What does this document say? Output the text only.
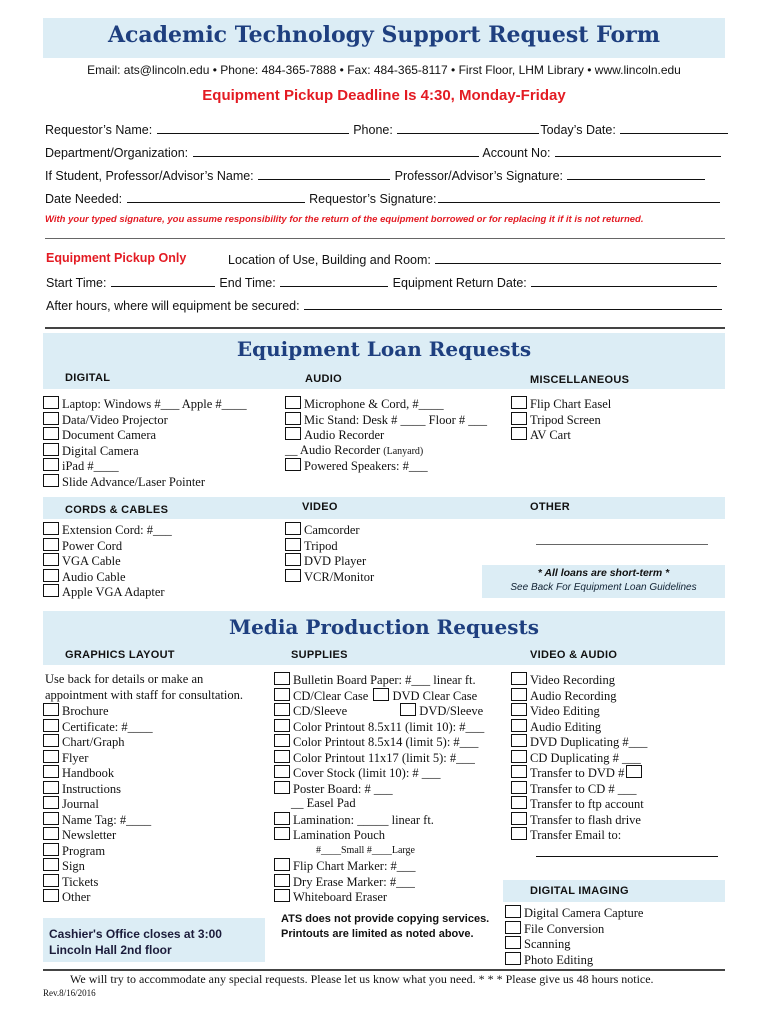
Academic Technology Support Request Form
Email: ats@lincoln.edu • Phone: 484-365-7888 • Fax: 484-365-8117 • First Floor, LHM Library • www.lincoln.edu
Equipment Pickup Deadline Is 4:30, Monday-Friday
Requestor’s Name:	Phone:	Today’s Date:
Department/Organization:	Account No:
If Student, Professor/Advisor’s Name:	Professor/Advisor’s Signature:
Date Needed:	Requestor’s Signature:
With your typed signature, you assume responsibility for the return of the equipment borrowed or for replacing it if it is not returned.
Equipment Pickup Only	Location of Use, Building and Room:
Start Time:	End Time:	Equipment Return Date:
After hours, where will equipment be secured:
Equipment Loan Requests
DIGITAL	AUDIO	MISCELLANEOUS
Laptop: Windows #___ Apple #____
Data/Video Projector
Document Camera
Digital Camera
iPad #____
Slide Advance/Laser Pointer
Microphone & Cord, #____
Mic Stand: Desk # ____ Floor # ___
Audio Recorder
__ Audio Recorder (Lanyard)
Powered Speakers: #___
Flip Chart Easel
Tripod Screen
AV Cart
CORDS & CABLES	VIDEO	OTHER
Extension Cord: #___
Power Cord
VGA Cable
Audio Cable
Apple VGA Adapter
Camcorder
Tripod
DVD Player
VCR/Monitor	* All loans are short-term *
See Back For Equipment Loan Guidelines
Media Production Requests
GRAPHICS LAYOUT	SUPPLIES	VIDEO & AUDIO
Use back for details or make an
appointment with staff for consultation.
Brochure
Certificate: #____
Chart/Graph
Flyer
Handbook
Instructions
Journal
Name Tag: #____
Newsletter
Program
Sign
Tickets
Other
Bulletin Board Paper: #___ linear ft.
CD/Clear Case DVD Clear Case
CD/Sleeve	DVD/Sleeve
Color Printout 8.5x11 (limit 10): #___
Color Printout 8.5x14 (limit 5): #___
Color Printout 11x17 (limit 5): #___
Cover Stock (limit 10): # ___
Poster Board: # ___
__ Easel Pad
Lamination: _____ linear ft.
Lamination Pouch
#____Small #____Large
Flip Chart Marker: #___
Dry Erase Marker: #___
Whiteboard Eraser
Video Recording
Audio Recording
Video Editing
Audio Editing
DVD Duplicating #___
CD Duplicating # ___
Transfer to DVD #
Transfer to CD # ___
Transfer to ftp account
Transfer to flash drive
Transfer Email to:
DIGITAL IMAGING
Digital Camera Capture
File Conversion
Scanning
Photo Editing
ATS does not provide copying services.
Printouts are limited as noted above.
Cashier's Office closes at 3:00
Lincoln Hall 2nd floor
We will try to accommodate any special requests. Please let us know what you need. * * * Please give us 48 hours notice.
Rev.8/16/2016
